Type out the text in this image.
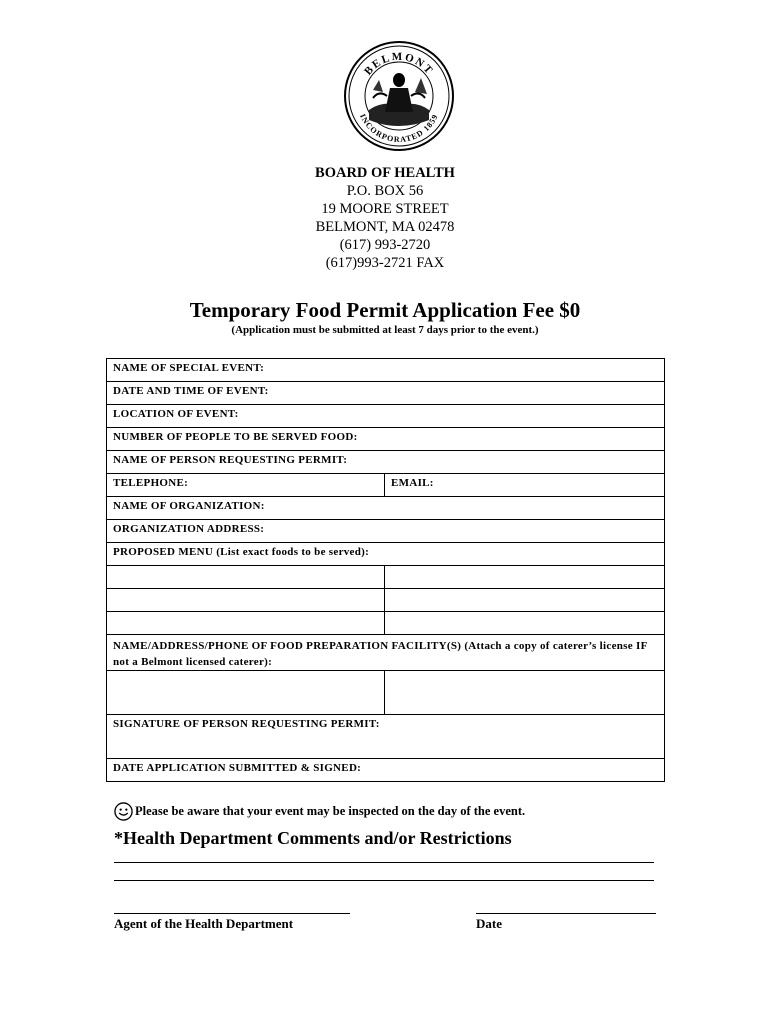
BELMONT
INCORPORATED 1859
BOARD OF HEALTH
P.O. BOX 56
19 MOORE STREET
BELMONT, MA 02478
(617) 993-2720
(617)993-2721 FAX
Temporary Food Permit Application Fee $0
(Application must be submitted at least 7 days prior to the event.)
NAME OF SPECIAL EVENT:	
DATE AND TIME OF EVENT:	
LOCATION OF EVENT:	
NUMBER OF PEOPLE TO BE SERVED FOOD:	
NAME OF PERSON REQUESTING PERMIT:	
TELEPHONE:	EMAIL:
NAME OF ORGANIZATION:	
ORGANIZATION ADDRESS:	
PROPOSED MENU (List exact foods to be served):	

NAME/ADDRESS/PHONE OF FOOD PREPARATION FACILITY(S) (Attach a copy of caterer’s license IF not a Belmont licensed caterer):	

SIGNATURE OF PERSON REQUESTING PERMIT:	
DATE APPLICATION SUBMITTED & SIGNED:	
Please be aware that your event may be inspected on the day of the event.
*Health Department Comments and/or Restrictions
Agent of the Health Department	Date
